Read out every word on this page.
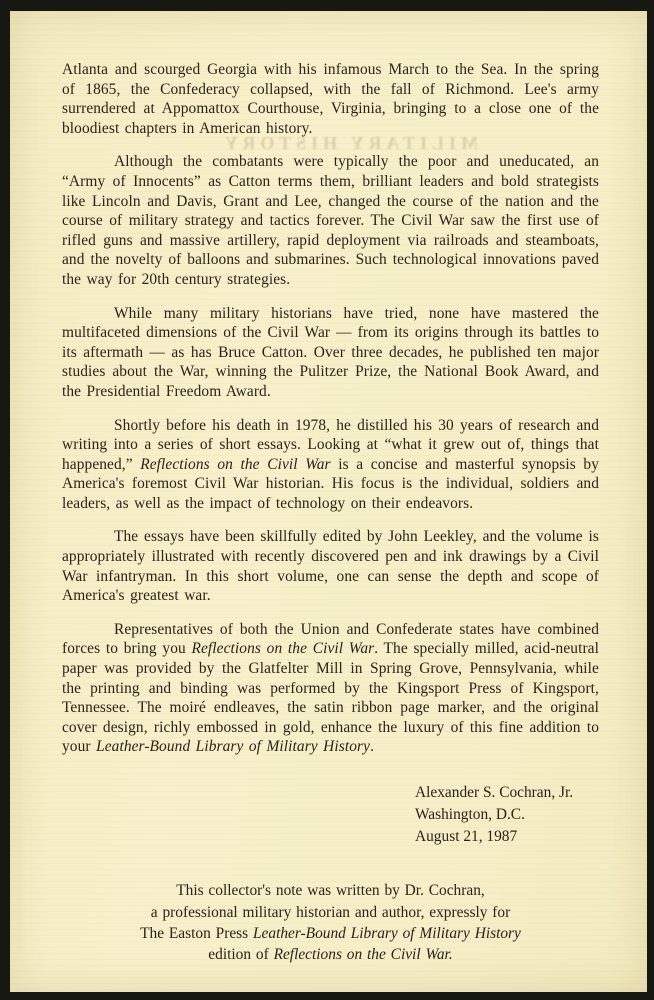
MILITARY HISTORY

Atlanta and scourged Georgia with his infamous March to the Sea. In the spring of 1865, the Confederacy collapsed, with the fall of Richmond. Lee's army surrendered at Appomattox Courthouse, Virginia, bringing to a close one of the bloodiest chapters in American history.

Although the combatants were typically the poor and uneducated, an “Army of Innocents” as Catton terms them, brilliant leaders and bold strategists like Lincoln and Davis, Grant and Lee, changed the course of the nation and the course of military strategy and tactics forever. The Civil War saw the first use of rifled guns and massive artillery, rapid deployment via railroads and steamboats, and the novelty of balloons and submarines. Such technological innovations paved the way for 20th century strategies.

While many military historians have tried, none have mastered the multifaceted dimensions of the Civil War — from its origins through its battles to its aftermath — as has Bruce Catton. Over three decades, he published ten major studies about the War, winning the Pulitzer Prize, the National Book Award, and the Presidential Freedom Award.

Shortly before his death in 1978, he distilled his 30 years of research and writing into a series of short essays. Looking at “what it grew out of, things that happened,” Reflections on the Civil War is a concise and masterful synopsis by America's foremost Civil War historian. His focus is the individual, soldiers and leaders, as well as the impact of technology on their endeavors.

The essays have been skillfully edited by John Leekley, and the volume is appropriately illustrated with recently discovered pen and ink drawings by a Civil War infantryman. In this short volume, one can sense the depth and scope of America's greatest war.

Representatives of both the Union and Confederate states have combined forces to bring you Reflections on the Civil War. The specially milled, acid-neutral paper was provided by the Glatfelter Mill in Spring Grove, Pennsylvania, while the printing and binding was performed by the Kingsport Press of Kingsport, Tennessee. The moiré endleaves, the satin ribbon page marker, and the original cover design, richly embossed in gold, enhance the luxury of this fine addition to your Leather-Bound Library of Military History.

Alexander S. Cochran, Jr.
Washington, D.C.
August 21, 1987
This collector's note was written by Dr. Cochran,
a professional military historian and author, expressly for
The Easton Press Leather-Bound Library of Military History
edition of Reflections on the Civil War.
